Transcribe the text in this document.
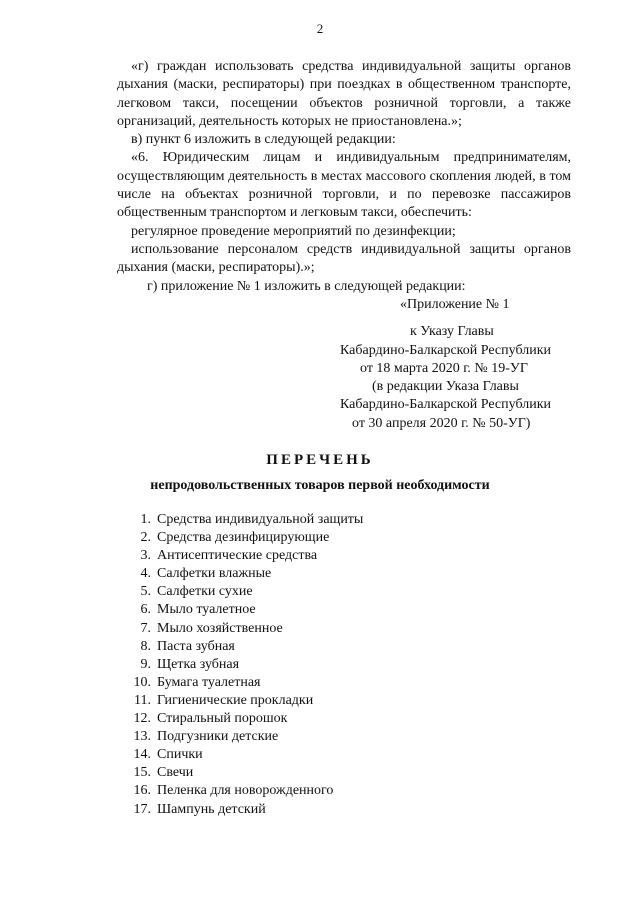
2

«г) граждан использовать средства индивидуальной защиты органов дыхания (маски, респираторы) при поездках в общественном транспорте, легковом такси, посещении объектов розничной торговли, а также организаций, деятельность которых не приостановлена.»;

в) пункт 6 изложить в следующей редакции:

«6. Юридическим лицам и индивидуальным предпринимателям, осуществляющим деятельность в местах массового скопления людей, в том числе на объектах розничной торговли, и по перевозке пассажиров общественным транспортом и легковым такси, обеспечить:

регулярное проведение мероприятий по дезинфекции;

использование персоналом средств индивидуальной защиты органов дыхания (маски, респираторы).»;

г) приложение № 1 изложить в следующей редакции:

«Приложение № 1
к Указу Главы
Кабардино-Балкарской Республики
от 18 марта 2020 г. № 19-УГ
(в редакции Указа Главы
Кабардино-Балкарской Республики
от 30 апреля 2020 г. № 50-УГ)
ПЕРЕЧЕНЬ
непродовольственных товаров первой необходимости
1. Средства индивидуальной защиты
2. Средства дезинфицирующие
3. Антисептические средства
4. Салфетки влажные
5. Салфетки сухие
6. Мыло туалетное
7. Мыло хозяйственное
8. Паста зубная
9. Щетка зубная
10. Бумага туалетная
11. Гигиенические прокладки
12. Стиральный порошок
13. Подгузники детские
14. Спички
15. Свечи
16. Пеленка для новорожденного
17. Шампунь детский
